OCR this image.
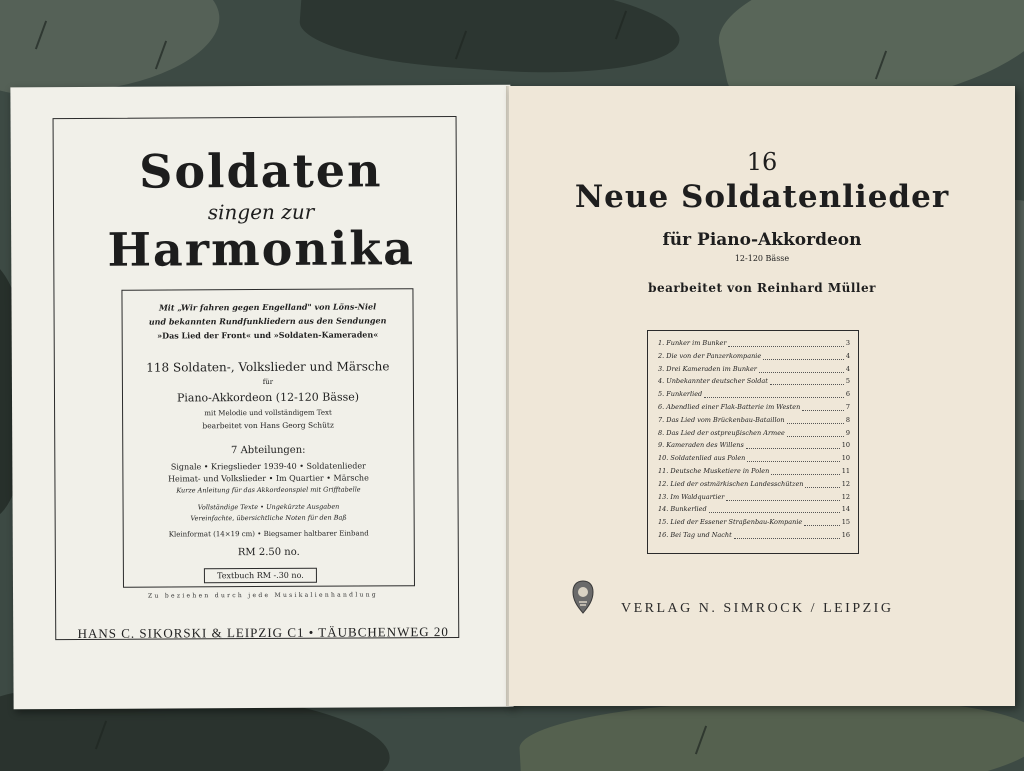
Soldaten
singen zur
Harmonika
Mit „Wir fahren gegen Engelland" von Löns-Niel
und bekannten Rundfunkliedern aus den Sendungen
»Das Lied der Front« und »Soldaten-Kameraden«
118 Soldaten-, Volkslieder und Märsche
für
Piano-Akkordeon (12-120 Bässe)
mit Melodie und vollständigem Text
bearbeitet von Hans Georg Schütz
7 Abteilungen:
Signale • Kriegslieder 1939-40 • Soldatenlieder
Heimat- und Volkslieder • Im Quartier • Märsche
Kurze Anleitung für das Akkordeonspiel mit Grifftabelle
Vollständige Texte • Ungekürzte Ausgaben
Vereinfachte, übersichtliche Noten für den Baß
Kleinformat (14×19 cm) • Biegsamer haltbarer Einband
RM 2.50 no.
Textbuch RM -.30 no.
Zu beziehen durch jede Musikalienhandlung
HANS C. SIKORSKI & LEIPZIG C1 • TÄUBCHENWEG 20
16
Neue Soldatenlieder
für Piano-Akkordeon
12-120 Bässe
bearbeitet von Reinhard Müller
1. Funker im Bunker	3
2. Die von der Panzerkompanie	4
3. Drei Kameraden im Bunker	4
4. Unbekannter deutscher Soldat	5
5. Funkerlied	6
6. Abendlied einer Flak-Batterie im Westen	7
7. Das Lied vom Brückenbau-Bataillon	8
8. Das Lied der ostpreußischen Armee	9
9. Kameraden des Willens	10
10. Soldatenlied aus Polen	10
11. Deutsche Musketiere in Polen	11
12. Lied der ostmärkischen Landesschützen	12
13. Im Waldquartier	12
14. Bunkerlied	14
15. Lied der Essener Straßenbau-Kompanie	15
16. Bei Tag und Nacht	16
VERLAG N. SIMROCK / LEIPZIG
